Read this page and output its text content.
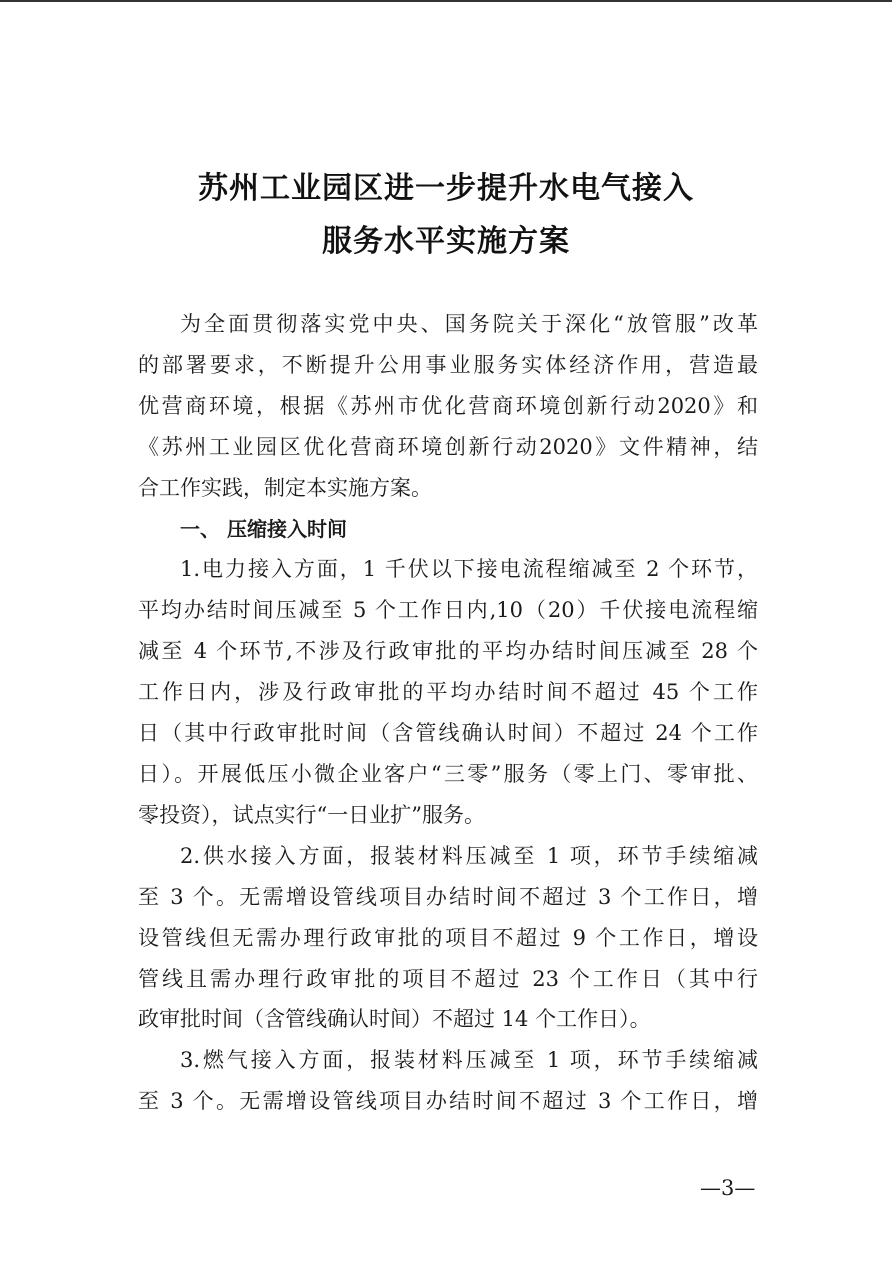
苏州工业园区进一步提升水电气接入
服务水平实施方案

为全面贯彻落实党中央、国务院关于深化“放管服”改革
的部署要求，不断提升公用事业服务实体经济作用，营造最
优营商环境，根据《苏州市优化营商环境创新行动2020》和
《苏州工业园区优化营商环境创新行动2020》文件精神，结
合工作实践，制定本实施方案。

一、 压缩接入时间

1.电力接入方面，1 千伏以下接电流程缩减至 2 个环节，
平均办结时间压减至 5 个工作日内,10（20）千伏接电流程缩
减至 4 个环节,不涉及行政审批的平均办结时间压减至 28 个
工作日内，涉及行政审批的平均办结时间不超过 45 个工作
日（其中行政审批时间（含管线确认时间）不超过 24 个工作
日）。开展低压小微企业客户“三零”服务（零上门、零审批、
零投资），试点实行“一日业扩”服务。

2.供水接入方面，报装材料压减至 1 项，环节手续缩减
至 3 个。无需增设管线项目办结时间不超过 3 个工作日，增
设管线但无需办理行政审批的项目不超过 9 个工作日，增设
管线且需办理行政审批的项目不超过 23 个工作日（其中行
政审批时间（含管线确认时间）不超过 14 个工作日）。

3.燃气接入方面，报装材料压减至 1 项，环节手续缩减
至 3 个。无需增设管线项目办结时间不超过 3 个工作日，增

—3—
